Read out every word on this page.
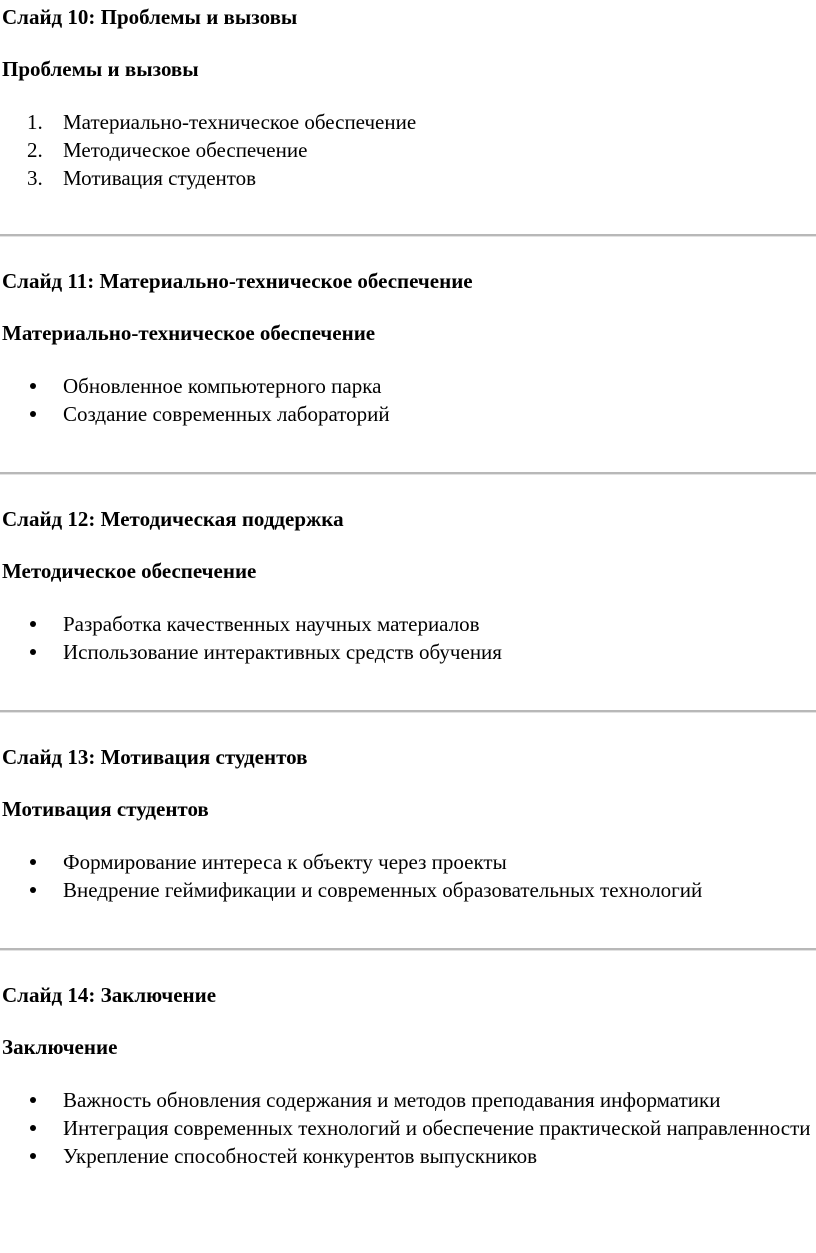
Слайд 10: Проблемы и вызовы
Проблемы и вызовы
1. Материально-техническое обеспечение
2. Методическое обеспечение
3. Мотивация студентов
Слайд 11: Материально-техническое обеспечение
Материально-техническое обеспечение
Обновленное компьютерного парка
Создание современных лабораторий
Слайд 12: Методическая поддержка
Методическое обеспечение
Разработка качественных научных материалов
Использование интерактивных средств обучения
Слайд 13: Мотивация студентов
Мотивация студентов
Формирование интереса к объекту через проекты
Внедрение геймификации и современных образовательных технологий
Слайд 14: Заключение
Заключение
Важность обновления содержания и методов преподавания информатики
Интеграция современных технологий и обеспечение практической направленности
Укрепление способностей конкурентов выпускников
